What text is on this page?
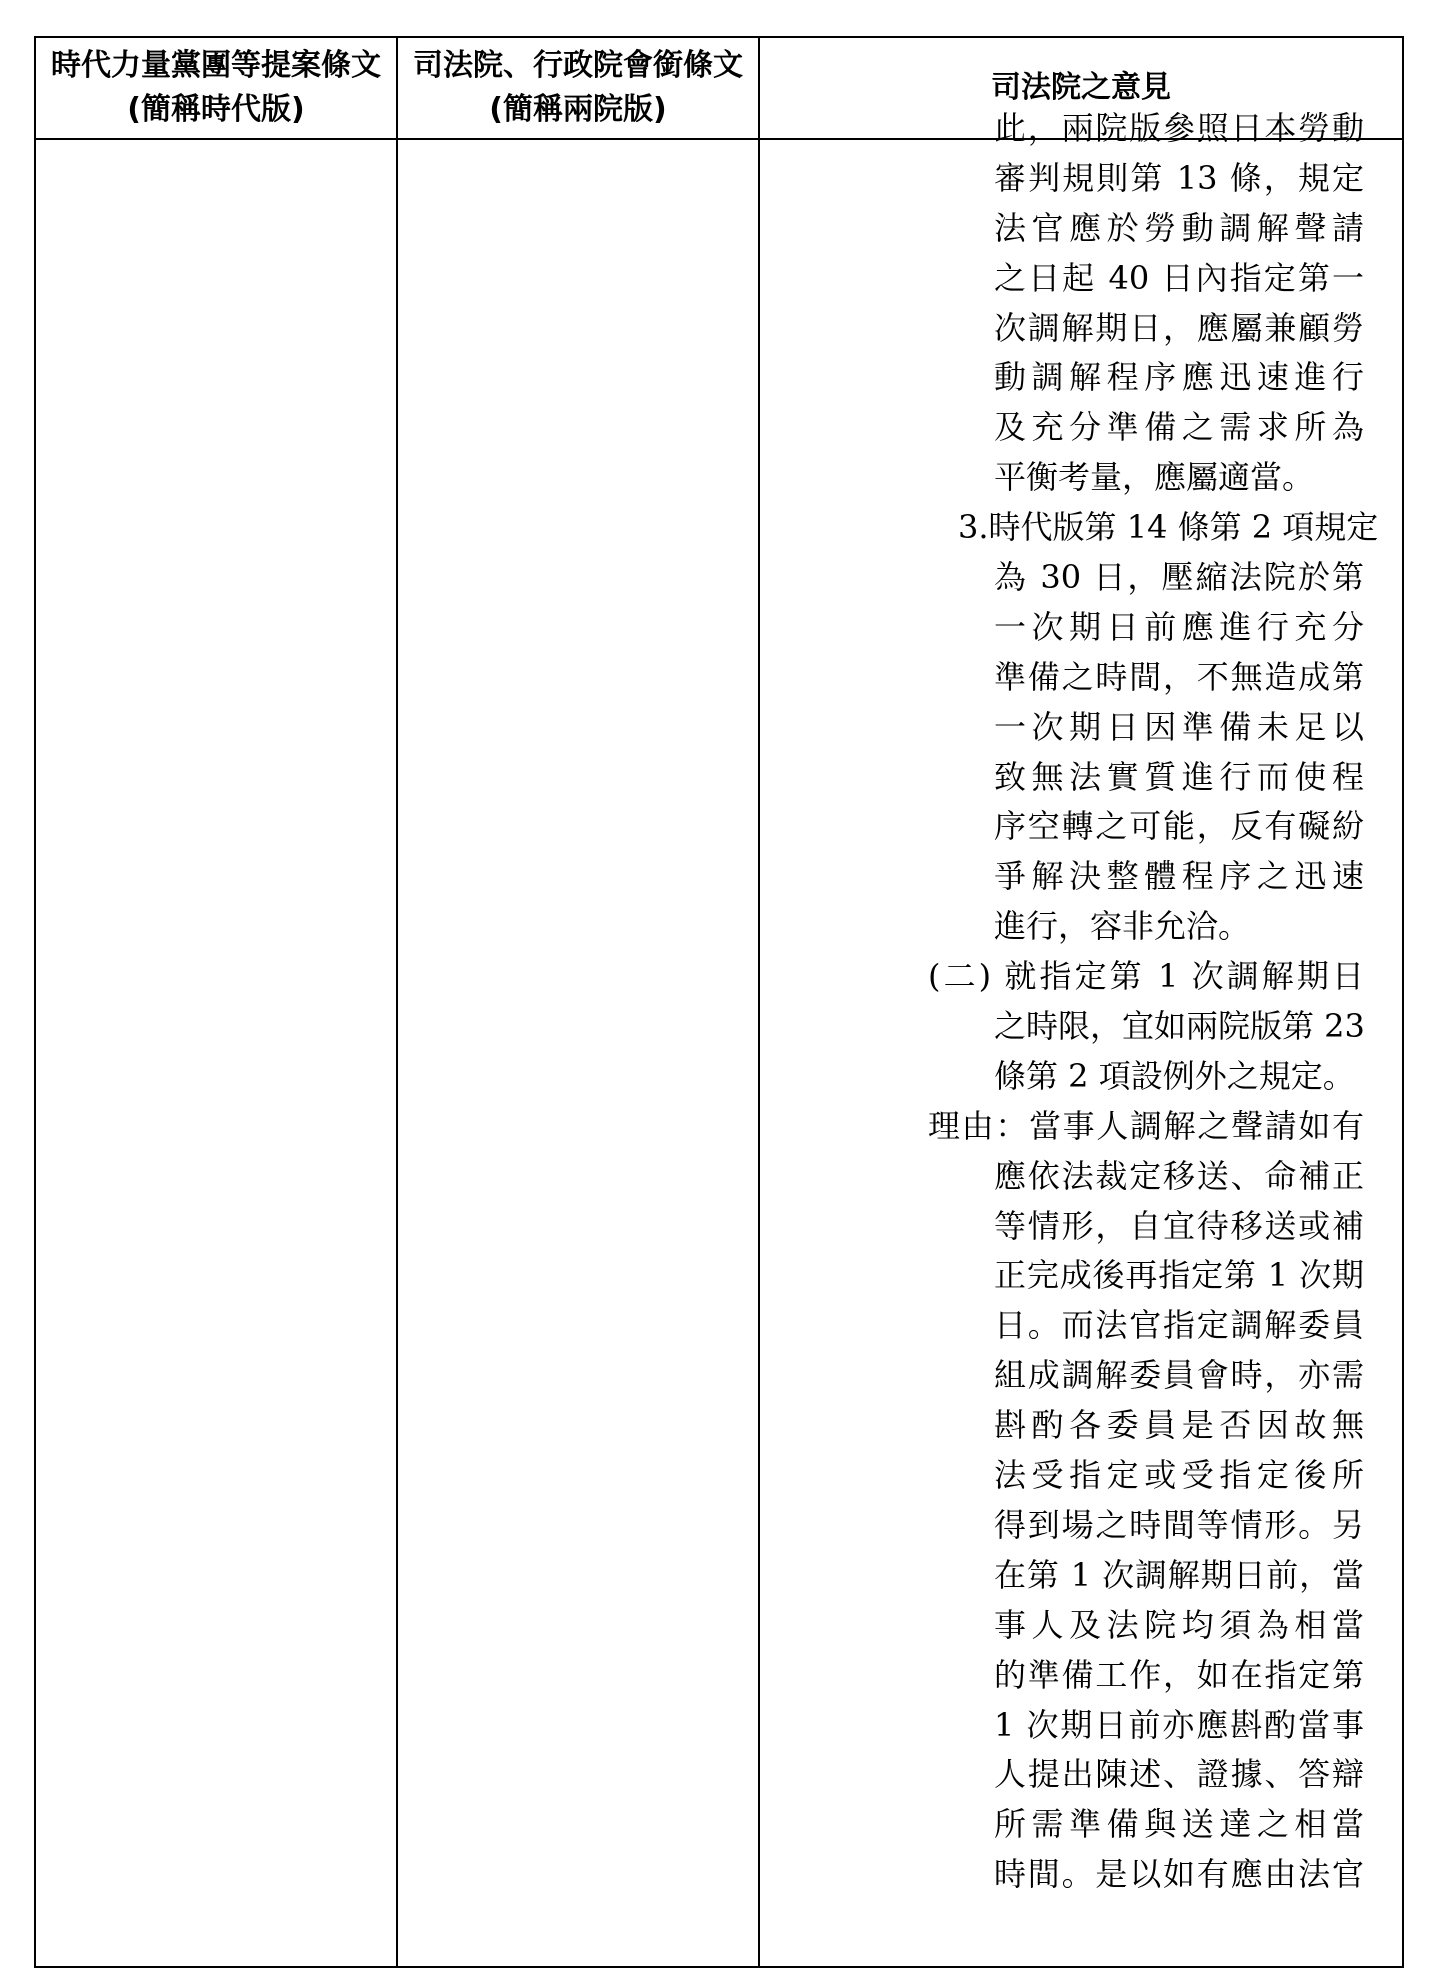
時代力量黨團等提案條文
(簡稱時代版)
司法院、行政院會銜條文
(簡稱兩院版)
司法院之意見
此，兩院版參照日本勞動
審判規則第 13 條，規定
法官應於勞動調解聲請
之日起 40 日內指定第一
次調解期日，應屬兼顧勞
動調解程序應迅速進行
及充分準備之需求所為
平衡考量，應屬適當。
3.時代版第 14 條第 2 項規定
為 30 日，壓縮法院於第
一次期日前應進行充分
準備之時間，不無造成第
一次期日因準備未足以
致無法實質進行而使程
序空轉之可能，反有礙紛
爭解決整體程序之迅速
進行，容非允洽。
(二) 就指定第 1 次調解期日
之時限，宜如兩院版第 23
條第 2 項設例外之規定。
理由：當事人調解之聲請如有
應依法裁定移送、命補正
等情形，自宜待移送或補
正完成後再指定第 1 次期
日。而法官指定調解委員
組成調解委員會時，亦需
斟酌各委員是否因故無
法受指定或受指定後所
得到場之時間等情形。另
在第 1 次調解期日前，當
事人及法院均須為相當
的準備工作，如在指定第
1 次期日前亦應斟酌當事
人提出陳述、證據、答辯
所需準備與送達之相當
時間。是以如有應由法官
